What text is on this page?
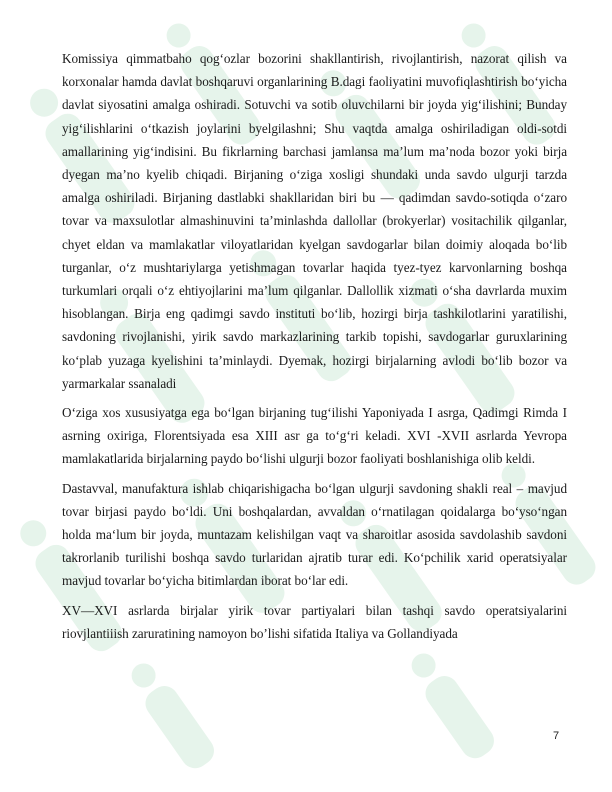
Komissiya qimmatbaho qog‘ozlar bozorini shakllantirish, rivojlantirish, nazorat qilish va korxonalar hamda davlat boshqaruvi organlarining B.dagi faoliyatini muvofiqlashtirish bo‘yicha davlat siyosatini amalga oshiradi. Sotuvchi va sotib oluvchilarni bir joyda yig‘ilishini; Bunday yig‘ilishlarini o‘tkazish joylarini byelgilashni; Shu vaqtda amalga oshiriladigan oldi-sotdi amallarining yig‘indisini. Bu fikrlarning barchasi jamlansa ma’lum ma’noda bozor yoki birja dyegan ma’no kyelib chiqadi. Birjaning o‘ziga xosligi shundaki unda savdo ulgurji tarzda amalga oshiriladi. Birjaning dastlabki shakllaridan biri bu — qadimdan savdo-sotiqda o‘zaro tovar va maxsulotlar almashinuvini ta’minlashda dallollar (brokyerlar) vositachilik qilganlar, chyet eldan va mamlakatlar viloyatlaridan kyelgan savdogarlar bilan doimiy aloqada bo‘lib turganlar, o‘z mushtariylarga yetishmagan tovarlar haqida tyez-tyez karvonlarning boshqa turkumlari orqali o‘z ehtiyojlarini ma’lum qilganlar. Dallollik xizmati o‘sha davrlarda muxim hisoblangan. Birja eng qadimgi savdo instituti bo‘lib, hozirgi birja tashkilotlarini yaratilishi, savdoning rivojlanishi, yirik savdo markazlarining tarkib topishi, savdogarlar guruxlarining ko‘plab yuzaga kyelishini ta’minlaydi. Dyemak, hozirgi birjalarning avlodi bo‘lib bozor va yarmarkalar ssanaladi

O‘ziga xos xususiyatga ega bo‘lgan birjaning tug‘ilishi Yaponiyada I asrga, Qadimgi Rimda I asrning oxiriga, Florentsiyada esa XIII asr ga to‘g‘ri keladi. XVI -XVII asrlarda Yevropa mamlakatlarida birjalarning paydo bo‘lishi ulgurji bozor faoliyati boshlanishiga olib keldi.

Dastavval, manufaktura ishlab chiqarishigacha bo‘lgan ulgurji savdoning shakli real – mavjud tovar birjasi paydo bo‘ldi. Uni boshqalardan, avvaldan o‘rnatilagan qoidalarga bo‘yso‘ngan holda ma‘lum bir joyda, muntazam kelishilgan vaqt va sharoitlar asosida savdolashib savdoni takrorlanib turilishi boshqa savdo turlaridan ajratib turar edi. Ko‘pchilik xarid operatsiyalar mavjud tovarlar bo‘yicha bitimlardan iborat bo‘lar edi.

XV—XVI asrlarda birjalar yirik tovar partiyalari bilan tashqi savdo operatsiyalarini riovjlantiiish zaruratining namoyon bo’lishi sifatida Italiya va Gollandiyada

7
